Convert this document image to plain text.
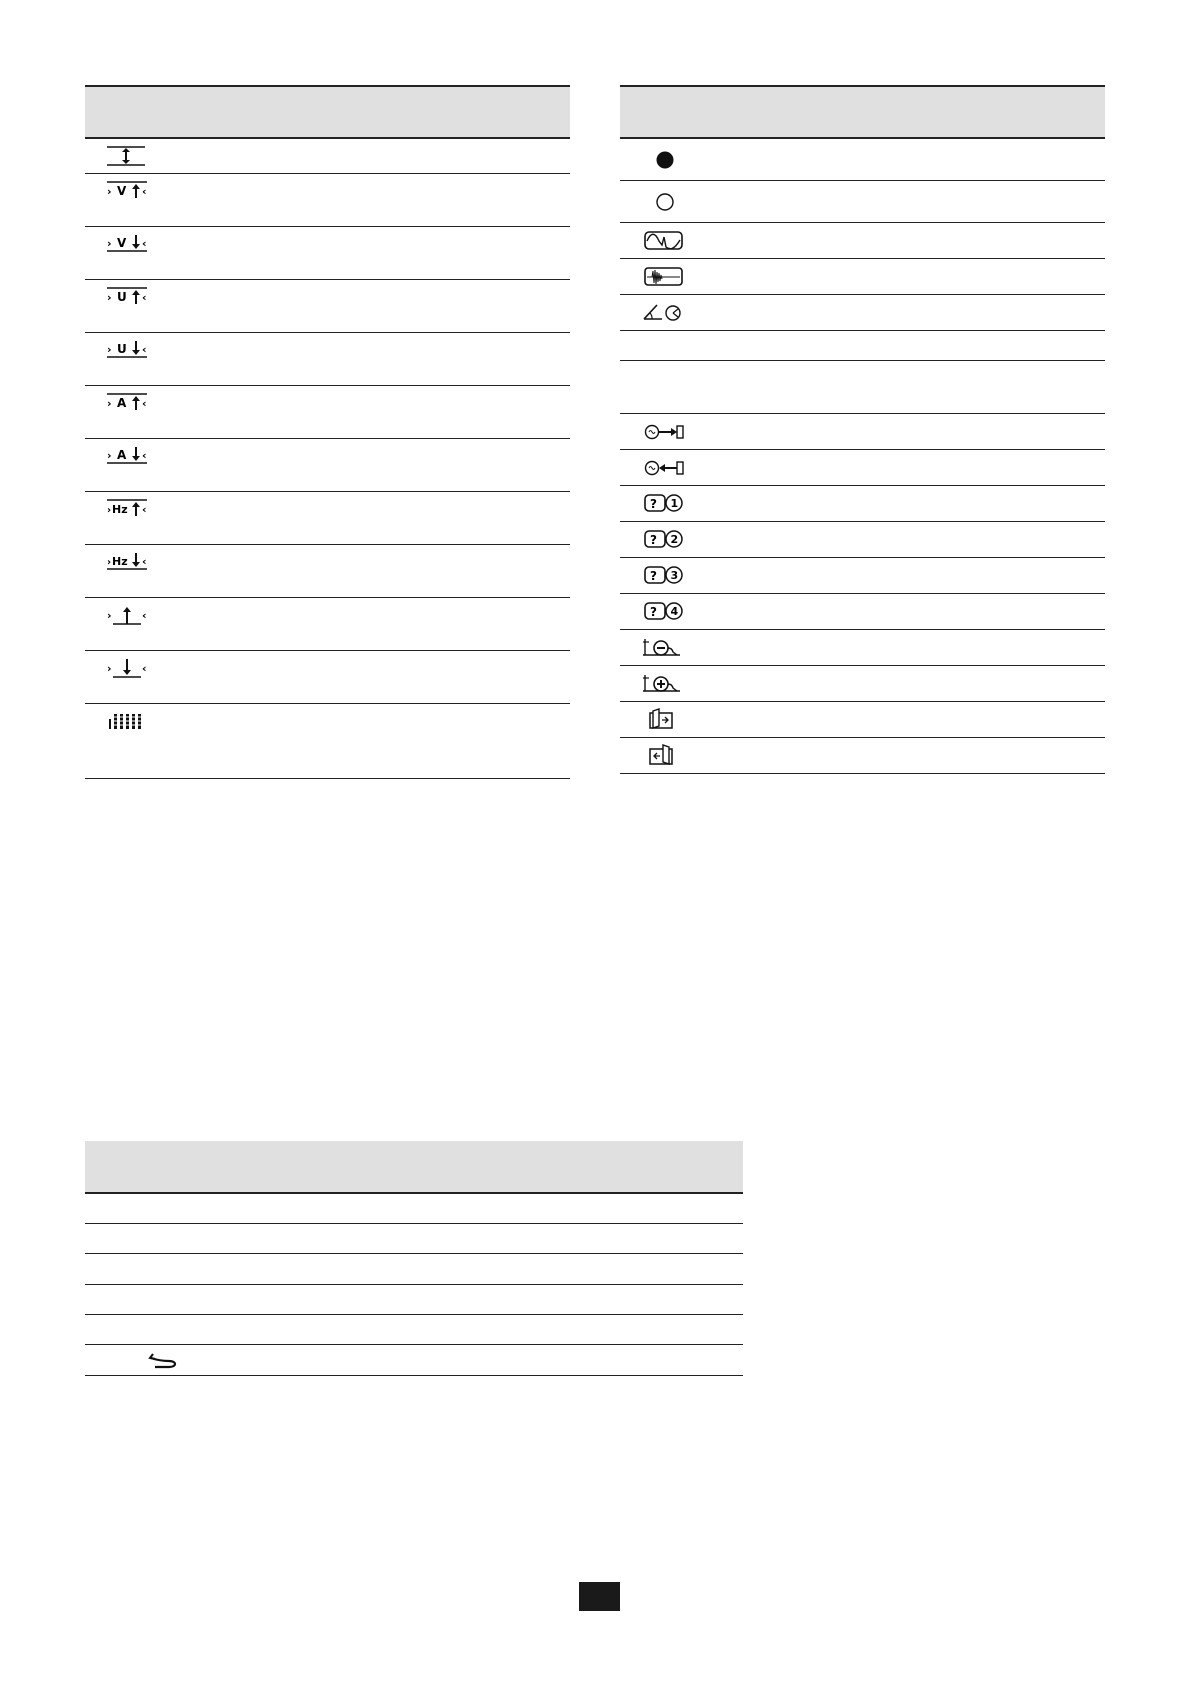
› V ‹
› V ‹
› U ‹
› U ‹
› A ‹
› A ‹
› Hz ‹
› Hz ‹
›	‹
›	‹
? 1
? 2
? 3
? 4
